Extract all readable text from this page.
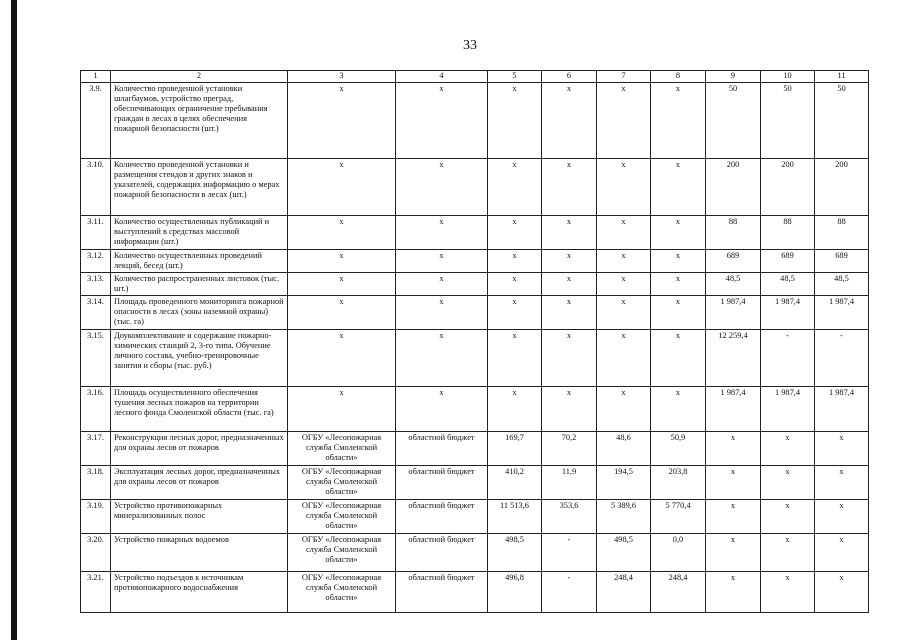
33
1	2	3	4	5	6	7	8	9	10	11
3.9.	Количество проведенной установки шлагбаумов, устройство преград, обеспечивающих ограничение пребывания граждан в лесах в целях обеспечения пожарной безопасности (шт.)	x	x	x	x	x	x	50	50	50
3.10.	Количество проведенной установки и размещения стендов и других знаков и указателей, содержащих информацию о мерах пожарной безопасности в лесах (шт.)	x	x	x	x	x	x	200	200	200
3.11.	Количество осуществленных публикаций и выступлений в средствах массовой информации (шт.)	x	x	x	x	x	x	88	88	88
3.12.	Количество осуществленных проведений лекций, бесед (шт.)	x	x	x	x	x	x	689	689	689
3.13.	Количество распространенных листовок (тыс. шт.)	x	x	x	x	x	x	48,5	48,5	48,5
3.14.	Площадь проведенного мониторинга пожарной опасности в лесах (зоны наземной охраны) (тыс. га)	x	x	x	x	x	x	1 987,4	1 987,4	1 987,4
3.15.	Доукомплектование и содержание пожарно-химических станций 2, 3-го типа. Обучение личного состава, учебно-тренировочные занятия и сборы (тыс. руб.)	x	x	x	x	x	x	12 259,4	-	-
3.16.	Площадь осуществленного обеспечения тушения лесных пожаров на территории лесного фонда Смоленской области (тыс. га)	x	x	x	x	x	x	1 987,4	1 987,4	1 987,4
3.17.	Реконструкция лесных дорог, предназначенных для охраны лесов от пожаров	ОГБУ «Лесопожарная служба Смоленской области»	областной бюджет	169,7	70,2	48,6	50,9	x	x	x
3.18.	Эксплуатация лесных дорог, предназначенных для охраны лесов от пожаров	ОГБУ «Лесопожарная служба Смоленской области»	областной бюджет	410,2	11,9	194,5	203,8	x	x	x
3.19.	Устройство противопожарных минерализованных полос	ОГБУ «Лесопожарная служба Смоленской области»	областной бюджет	11 513,6	353,6	5 389,6	5 770,4	x	x	x
3.20.	Устройство пожарных водоемов	ОГБУ «Лесопожарная служба Смоленской области»	областной бюджет	498,5	-	498,5	0,0	x	x	x
3.21.	Устройство подъездов к источникам противопожарного водоснабжения	ОГБУ «Лесопожарная служба Смоленской области»	областной бюджет	496,8	-	248,4	248,4	x	x	x
